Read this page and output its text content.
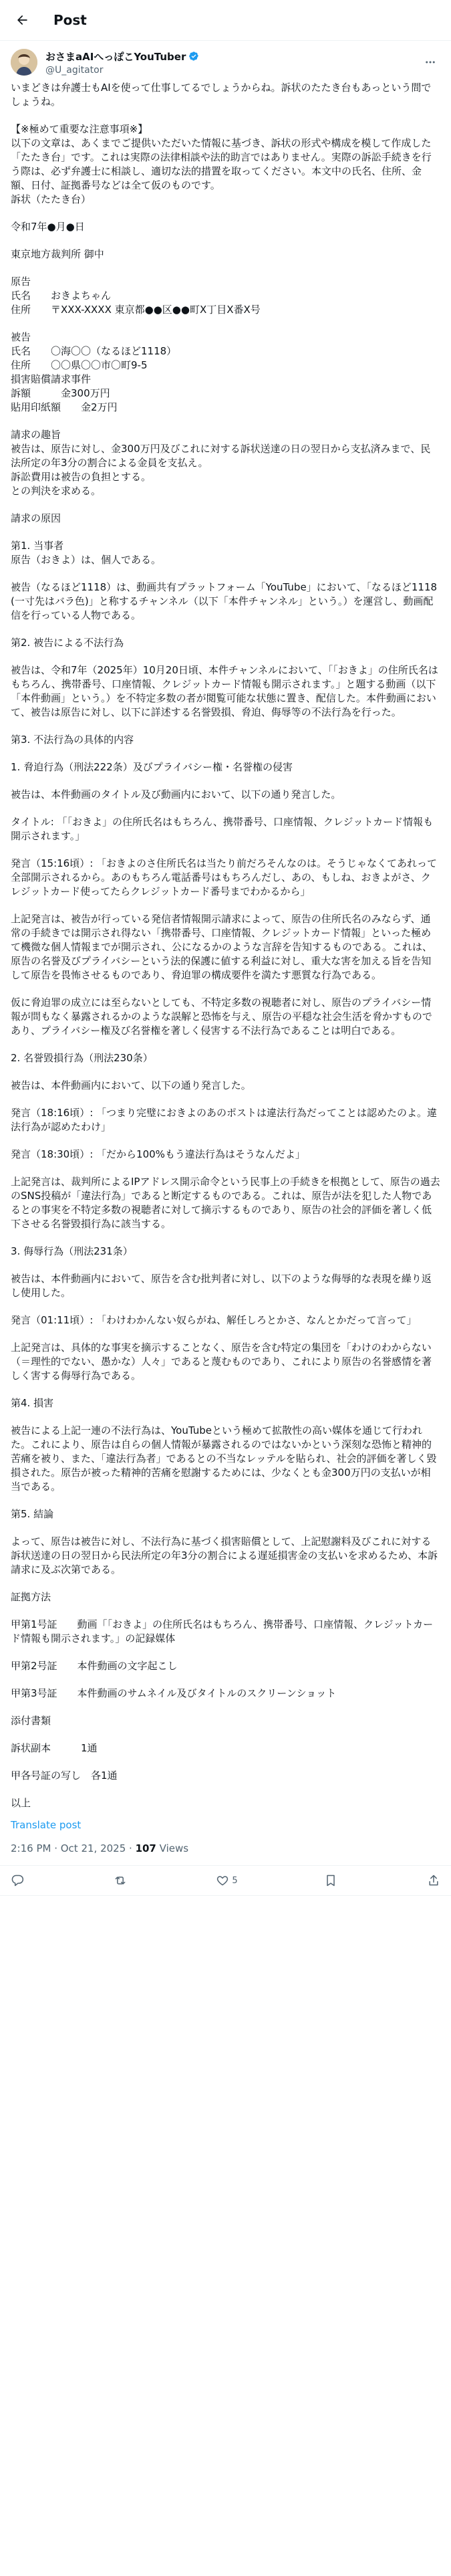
Post
おさまaAIへっぽこYouTuber
@U_agitator

いまどきは弁護士もAIを使って仕事してるでしょうからね。訴状のたたき台もあっという間でしょうね。

【※極めて重要な注意事項※】
以下の文章は、あくまでご提供いただいた情報に基づき、訴状の形式や構成を模して作成した「たたき台」です。これは実際の法律相談や法的助言ではありません。実際の訴訟手続きを行う際は、必ず弁護士に相談し、適切な法的措置を取ってください。本文中の氏名、住所、金額、日付、証拠番号などは全て仮のものです。
訴状（たたき台）

令和7年●月●日

東京地方裁判所 御中

原告
氏名　　おきよちゃん
住所　　〒XXX-XXXX 東京都●●区●●町X丁目X番X号

被告
氏名　　〇海〇〇（なるほど1118）
住所　　〇〇県〇〇市〇町9-5
損害賠償請求事件
訴額　　　金300万円
貼用印紙額　　金2万円

請求の趣旨
被告は、原告に対し、金300万円及びこれに対する訴状送達の日の翌日から支払済みまで、民法所定の年3分の割合による金員を支払え。
訴訟費用は被告の負担とする。
との判決を求める。

請求の原因

第1. 当事者
原告（おきよ）は、個人である。

被告（なるほど1118）は、動画共有プラットフォーム「YouTube」において、「なるほど1118(一寸先はバラ色)」と称するチャンネル（以下「本件チャンネル」という。）を運営し、動画配信を行っている人物である。

第2. 被告による不法行為

被告は、令和7年（2025年）10月20日頃、本件チャンネルにおいて、「「おきよ」の住所氏名はもちろん、携帯番号、口座情報、クレジットカード情報も開示されます。」と題する動画（以下「本件動画」という。）を不特定多数の者が閲覧可能な状態に置き、配信した。本件動画において、被告は原告に対し、以下に詳述する名誉毀損、脅迫、侮辱等の不法行為を行った。

第3. 不法行為の具体的内容

1. 脅迫行為（刑法222条）及びプライバシー権・名誉権の侵害

被告は、本件動画のタイトル及び動画内において、以下の通り発言した。

タイトル: 「「おきよ」の住所氏名はもちろん、携帯番号、口座情報、クレジットカード情報も開示されます。」

発言（15:16頃）: 「おきよのさ住所氏名は当たり前だろそんなのは。そうじゃなくてあれって全部開示されるから。あのもちろん電話番号はもちろんだし、あの、もしね、おきよがさ、クレジットカード使ってたらクレジットカード番号までわかるから」

上記発言は、被告が行っている発信者情報開示請求によって、原告の住所氏名のみならず、通常の手続きでは開示され得ない「携帯番号、口座情報、クレジットカード情報」といった極めて機微な個人情報までが開示され、公になるかのような言辞を告知するものである。これは、原告の名誉及びプライバシーという法的保護に値する利益に対し、重大な害を加える旨を告知して原告を畏怖させるものであり、脅迫罪の構成要件を満たす悪質な行為である。

仮に脅迫罪の成立には至らないとしても、不特定多数の視聴者に対し、原告のプライバシー情報が問もなく暴露されるかのような誤解と恐怖を与え、原告の平穏な社会生活を脅かすものであり、プライバシー権及び名誉権を著しく侵害する不法行為であることは明白である。

2. 名誉毀損行為（刑法230条）

被告は、本件動画内において、以下の通り発言した。

発言（18:16頃）: 「つまり完璧におきよのあのポストは違法行為だってことは認めたのよ。違法行為が認めたわけ」

発言（18:30頃）: 「だから100%もう違法行為はそうなんだよ」

上記発言は、裁判所によるIPアドレス開示命令という民事上の手続きを根拠として、原告の過去のSNS投稿が「違法行為」であると断定するものである。これは、原告が法を犯した人物であるとの事実を不特定多数の視聴者に対して摘示するものであり、原告の社会的評価を著しく低下させる名誉毀損行為に該当する。

3. 侮辱行為（刑法231条）

被告は、本件動画内において、原告を含む批判者に対し、以下のような侮辱的な表現を繰り返し使用した。

発言（01:11頃）: 「わけわかんない奴らがね、解任しろとかさ、なんとかだって言って」

上記発言は、具体的な事実を摘示することなく、原告を含む特定の集団を「わけのわからない（＝理性的でない、愚かな）人々」であると蔑むものであり、これにより原告の名誉感情を著しく害する侮辱行為である。

第4. 損害

被告による上記一連の不法行為は、YouTubeという極めて拡散性の高い媒体を通じて行われた。これにより、原告は自らの個人情報が暴露されるのではないかという深刻な恐怖と精神的苦痛を被り、また、「違法行為者」であるとの不当なレッテルを貼られ、社会的評価を著しく毀損された。原告が被った精神的苦痛を慰謝するためには、少なくとも金300万円の支払いが相当である。

第5. 結論

よって、原告は被告に対し、不法行為に基づく損害賠償として、上記慰謝料及びこれに対する訴状送達の日の翌日から民法所定の年3分の割合による遅延損害金の支払いを求めるため、本訴請求に及ぶ次第である。

証拠方法

甲第1号証　　動画「「おきよ」の住所氏名はもちろん、携帯番号、口座情報、クレジットカード情報も開示されます。」の記録媒体

甲第2号証　　本件動画の文字起こし

甲第3号証　　本件動画のサムネイル及びタイトルのスクリーンショット

添付書類

訴状副本　　　1通

甲各号証の写し　各1通

以上

Translate post
2:16 PM · Oct 21, 2025 · 107 Views
5
